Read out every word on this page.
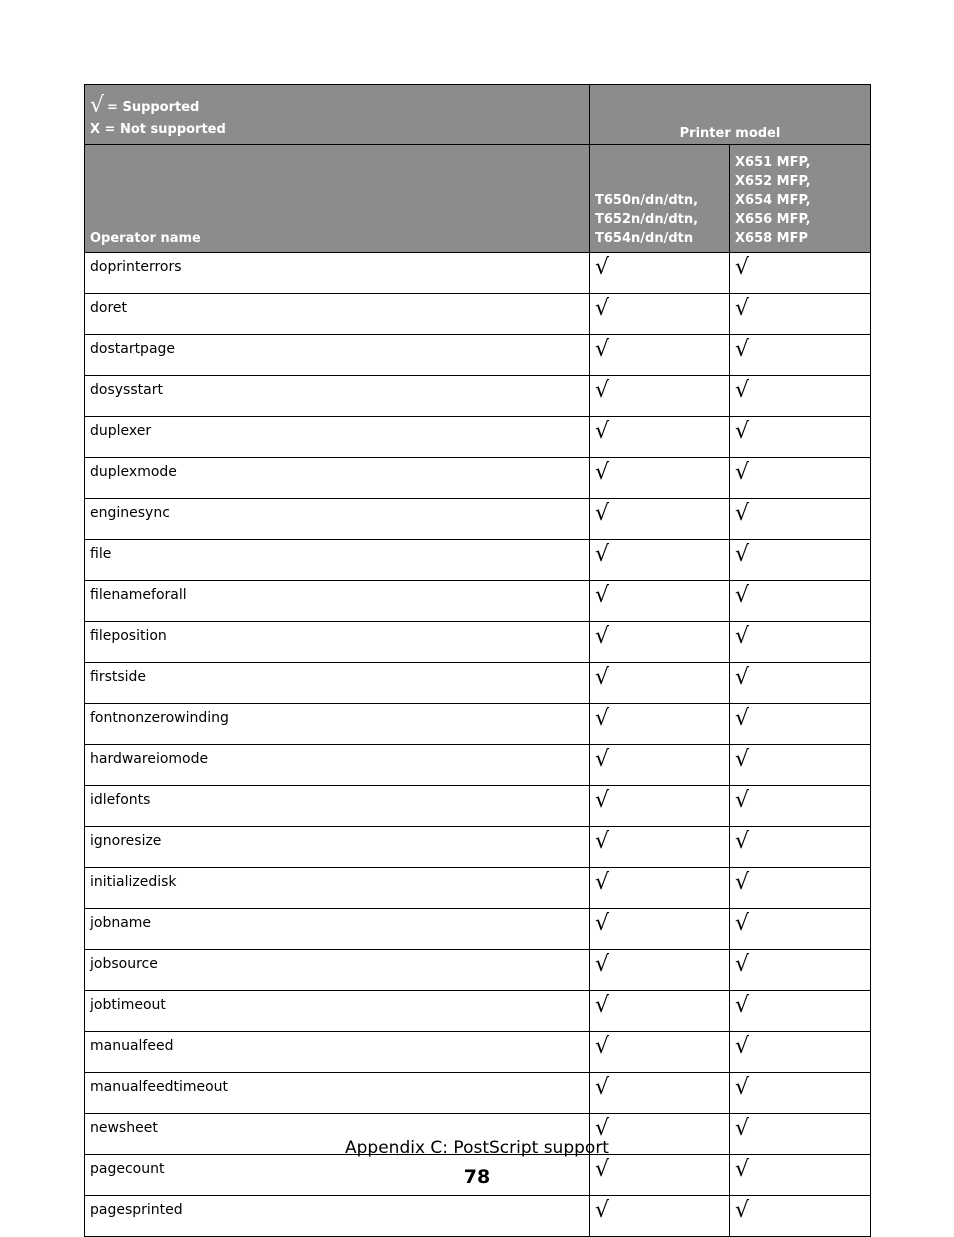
√ = Supported
X = Not supported	Printer model	
Operator name	T650n/dn/dtn,
T652n/dn/dtn,
T654n/dn/dtn	X651 MFP,
X652 MFP,
X654 MFP,
X656 MFP,
X658 MFP

doprinterrors	√	√
doret	√	√
dostartpage	√	√
dosysstart	√	√
duplexer	√	√
duplexmode	√	√
enginesync	√	√
file	√	√
filenameforall	√	√
fileposition	√	√
firstside	√	√
fontnonzerowinding	√	√
hardwareiomode	√	√
idlefonts	√	√
ignoresize	√	√
initializedisk	√	√
jobname	√	√
jobsource	√	√
jobtimeout	√	√
manualfeed	√	√
manualfeedtimeout	√	√
newsheet	√	√
pagecount	√	√
pagesprinted	√	√
Appendix C: PostScript support
78
